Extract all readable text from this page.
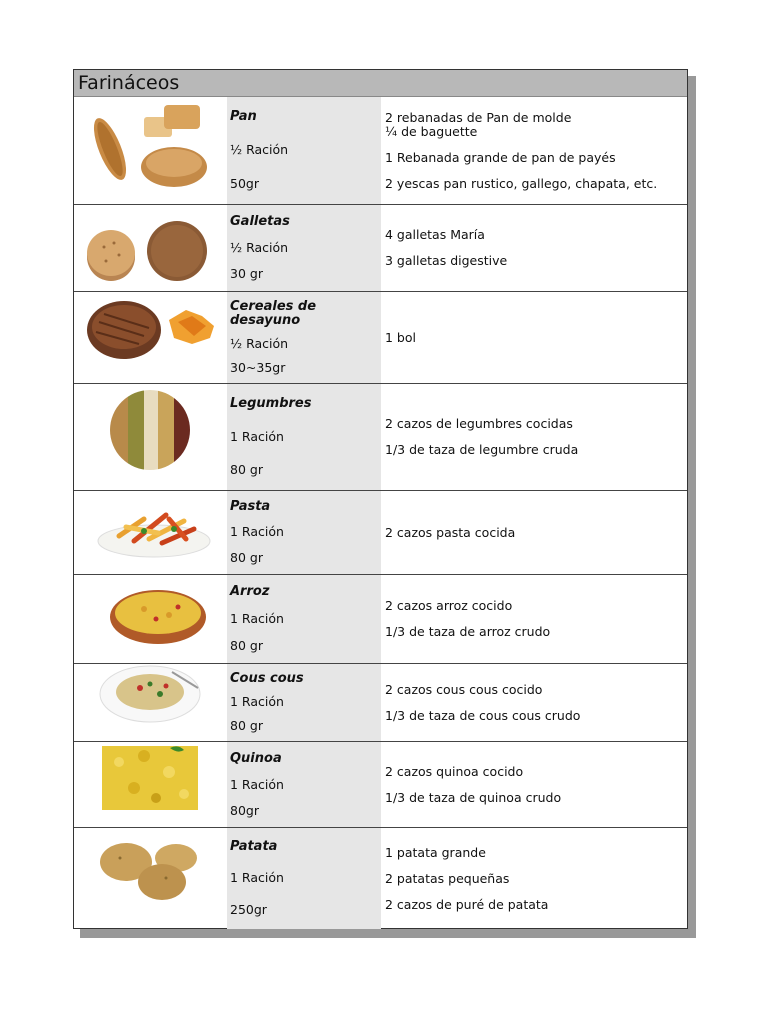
Farináceos
Pan
½ Ración
50gr
2 rebanadas de Pan de molde
¼ de baguette
1 Rebanada grande de pan de payés
2 yescas pan rustico, gallego, chapata, etc.
Galletas
½ Ración
30 gr
4 galletas María
3 galletas digestive
Cereales de desayuno
½ Ración
30~35gr
1 bol
Legumbres
1 Ración
80 gr
2 cazos de legumbres cocidas
1/3 de taza de legumbre cruda
Pasta
1 Ración
80 gr
2 cazos pasta cocida
Arroz
1 Ración
80 gr
2 cazos arroz cocido
1/3 de taza de arroz crudo
Cous cous
1 Ración
80 gr
2 cazos cous cous cocido
1/3 de taza de cous cous crudo
Quinoa
1 Ración
80gr
2 cazos quinoa cocido
1/3 de taza de quinoa crudo
Patata
1 Ración
250gr
1 patata grande
2 patatas pequeñas
2 cazos de puré de patata
